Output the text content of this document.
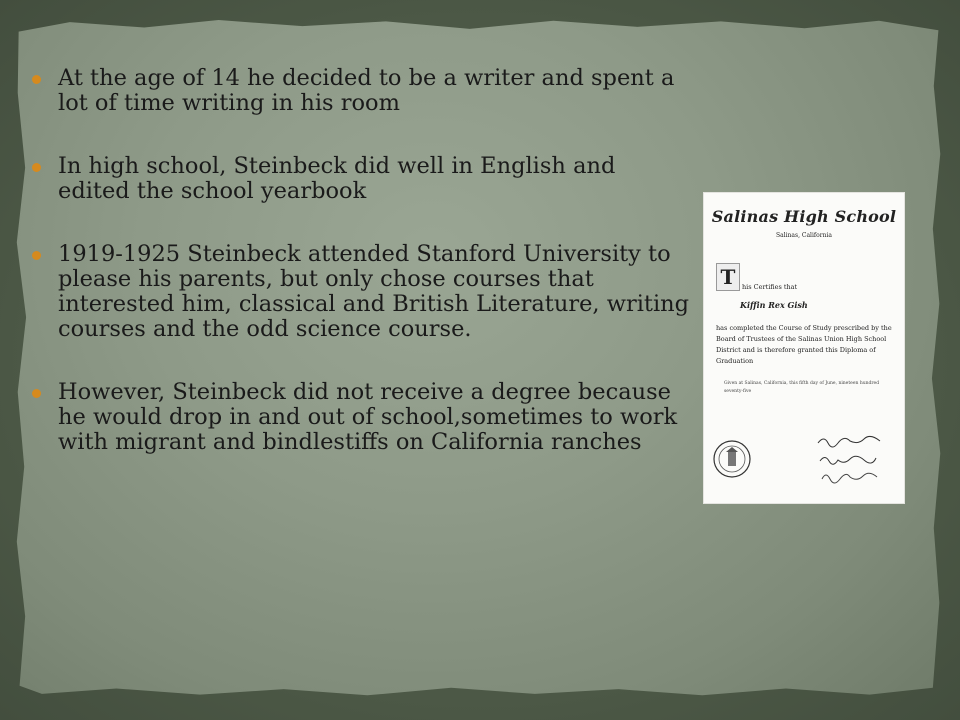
At the age of 14 he decided to be a writer and spent a lot of time writing in his room
In high school, Steinbeck did well in English and edited the school yearbook
1919-1925 Steinbeck attended Stanford University to please his parents, but only chose courses that interested him, classical and British Literature, writing courses and the odd science course.
However, Steinbeck did not receive a degree because he would drop in and out of school,sometimes to work with migrant and bindlestiffs on California ranches
Salinas High School
Salinas, California
T	his Certifies that
Kiffin Rex Gish
has completed the Course of Study prescribed by the Board of Trustees of the Salinas Union High School District and is therefore granted this Diploma of Graduation
Given at Salinas, California, this fifth day of June, nineteen hundred seventy-five
